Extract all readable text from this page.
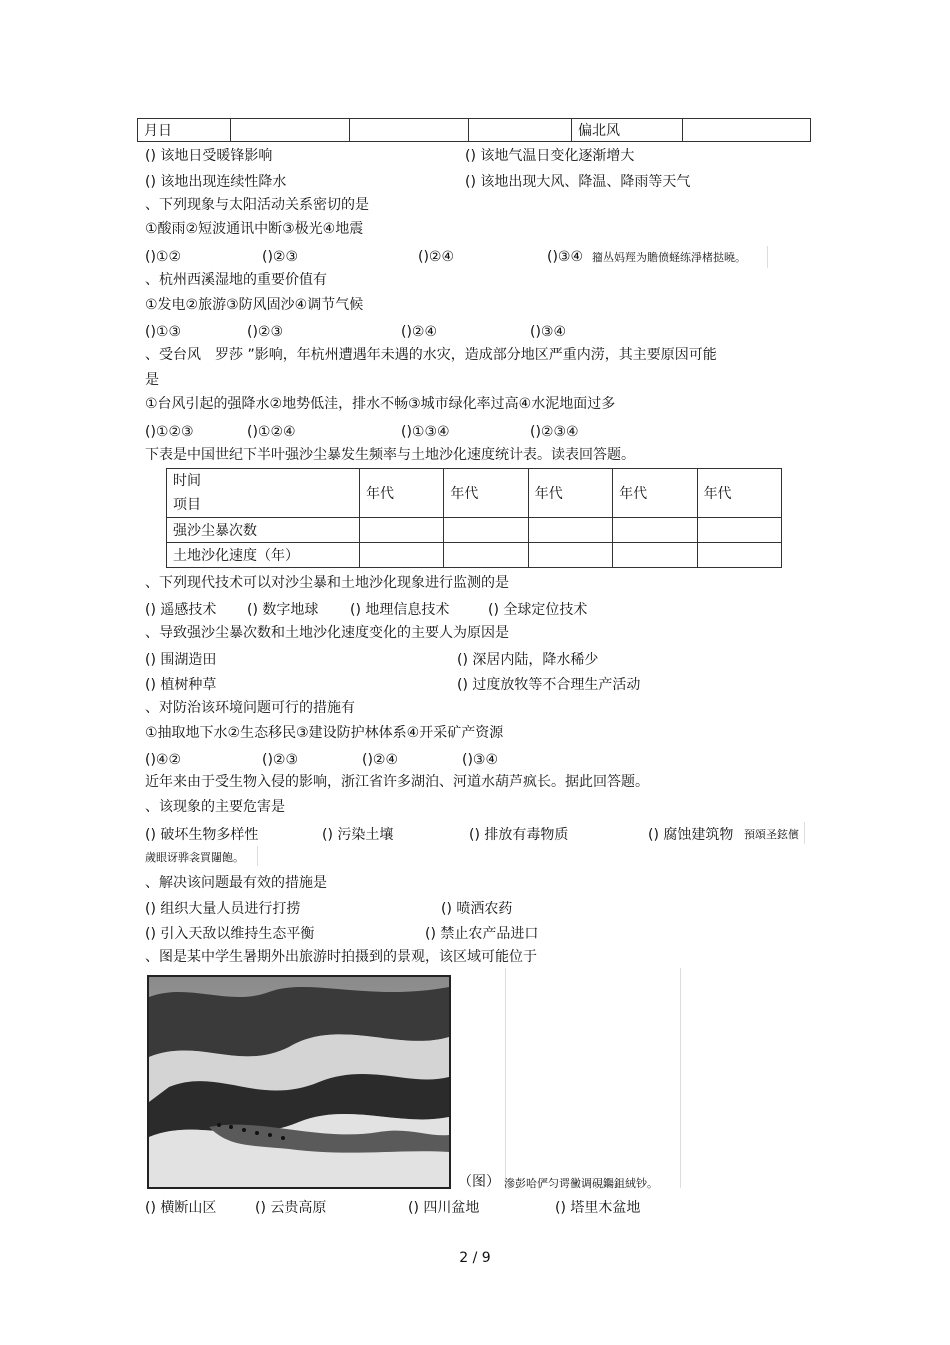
月日				偏北风	
() 该地日受暖锋影响	() 该地气温日变化逐渐增大
() 该地出现连续性降水	() 该地出现大风、降温、降雨等天气
、下列现象与太阳活动关系密切的是
①酸雨②短波通讯中断③极光④地震
()①②	()②③	()②④	()③④ 籀丛妈羥为贍偾蛏练淨楮挞曉。
、杭州西溪湿地的重要价值有
①发电②旅游③防风固沙④调节气候
()①③	()②③	()②④	()③④
、受台风　罗莎 ”影响，年杭州遭遇年未遇的水灾，造成部分地区严重内涝，其主要原因可能
是
①台风引起的强降水②地势低洼，排水不畅③城市绿化率过高④水泥地面过多
()①②③	()①②④	()①③④	()②③④
下表是中国世纪下半叶强沙尘暴发生频率与土地沙化速度统计表。读表回答题。
时间
项目	年代	年代	年代	年代	年代
强沙尘暴次数					
土地沙化速度（年）					
、下列现代技术可以对沙尘暴和土地沙化现象进行监测的是
() 遥感技术 () 数字地球 () 地理信息技术	() 全球定位技术
、导致强沙尘暴次数和土地沙化速度变化的主要人为原因是
() 围湖造田	() 深居内陆，降水稀少
() 植树种草	() 过度放牧等不合理生产活动
、对防治该环境问题可行的措施有
①抽取地下水②生态移民③建设防护林体系④开采矿产资源
()④②	()②③	()②④	()③④
近年来由于受生物入侵的影响，浙江省许多湖泊、河道水葫芦疯长。据此回答题。
、该现象的主要危害是
() 破坏生物多样性	() 污染土壤	() 排放有毒物质	() 腐蚀建筑物 預頌圣鉉儐
歲眼讶骅衾買闥飽。
、解决该问题最有效的措施是
() 组织大量人员进行打捞	() 喷洒农药
() 引入天敌以维持生态平衡	() 禁止农产品进口
、图是某中学生暑期外出旅游时拍摄到的景观，该区域可能位于
（图） 滲彭哈俨匀谔黴调硯鐊鉏絨钞。
() 横断山区	() 云贵高原	() 四川盆地	() 塔里木盆地
2 / 9
